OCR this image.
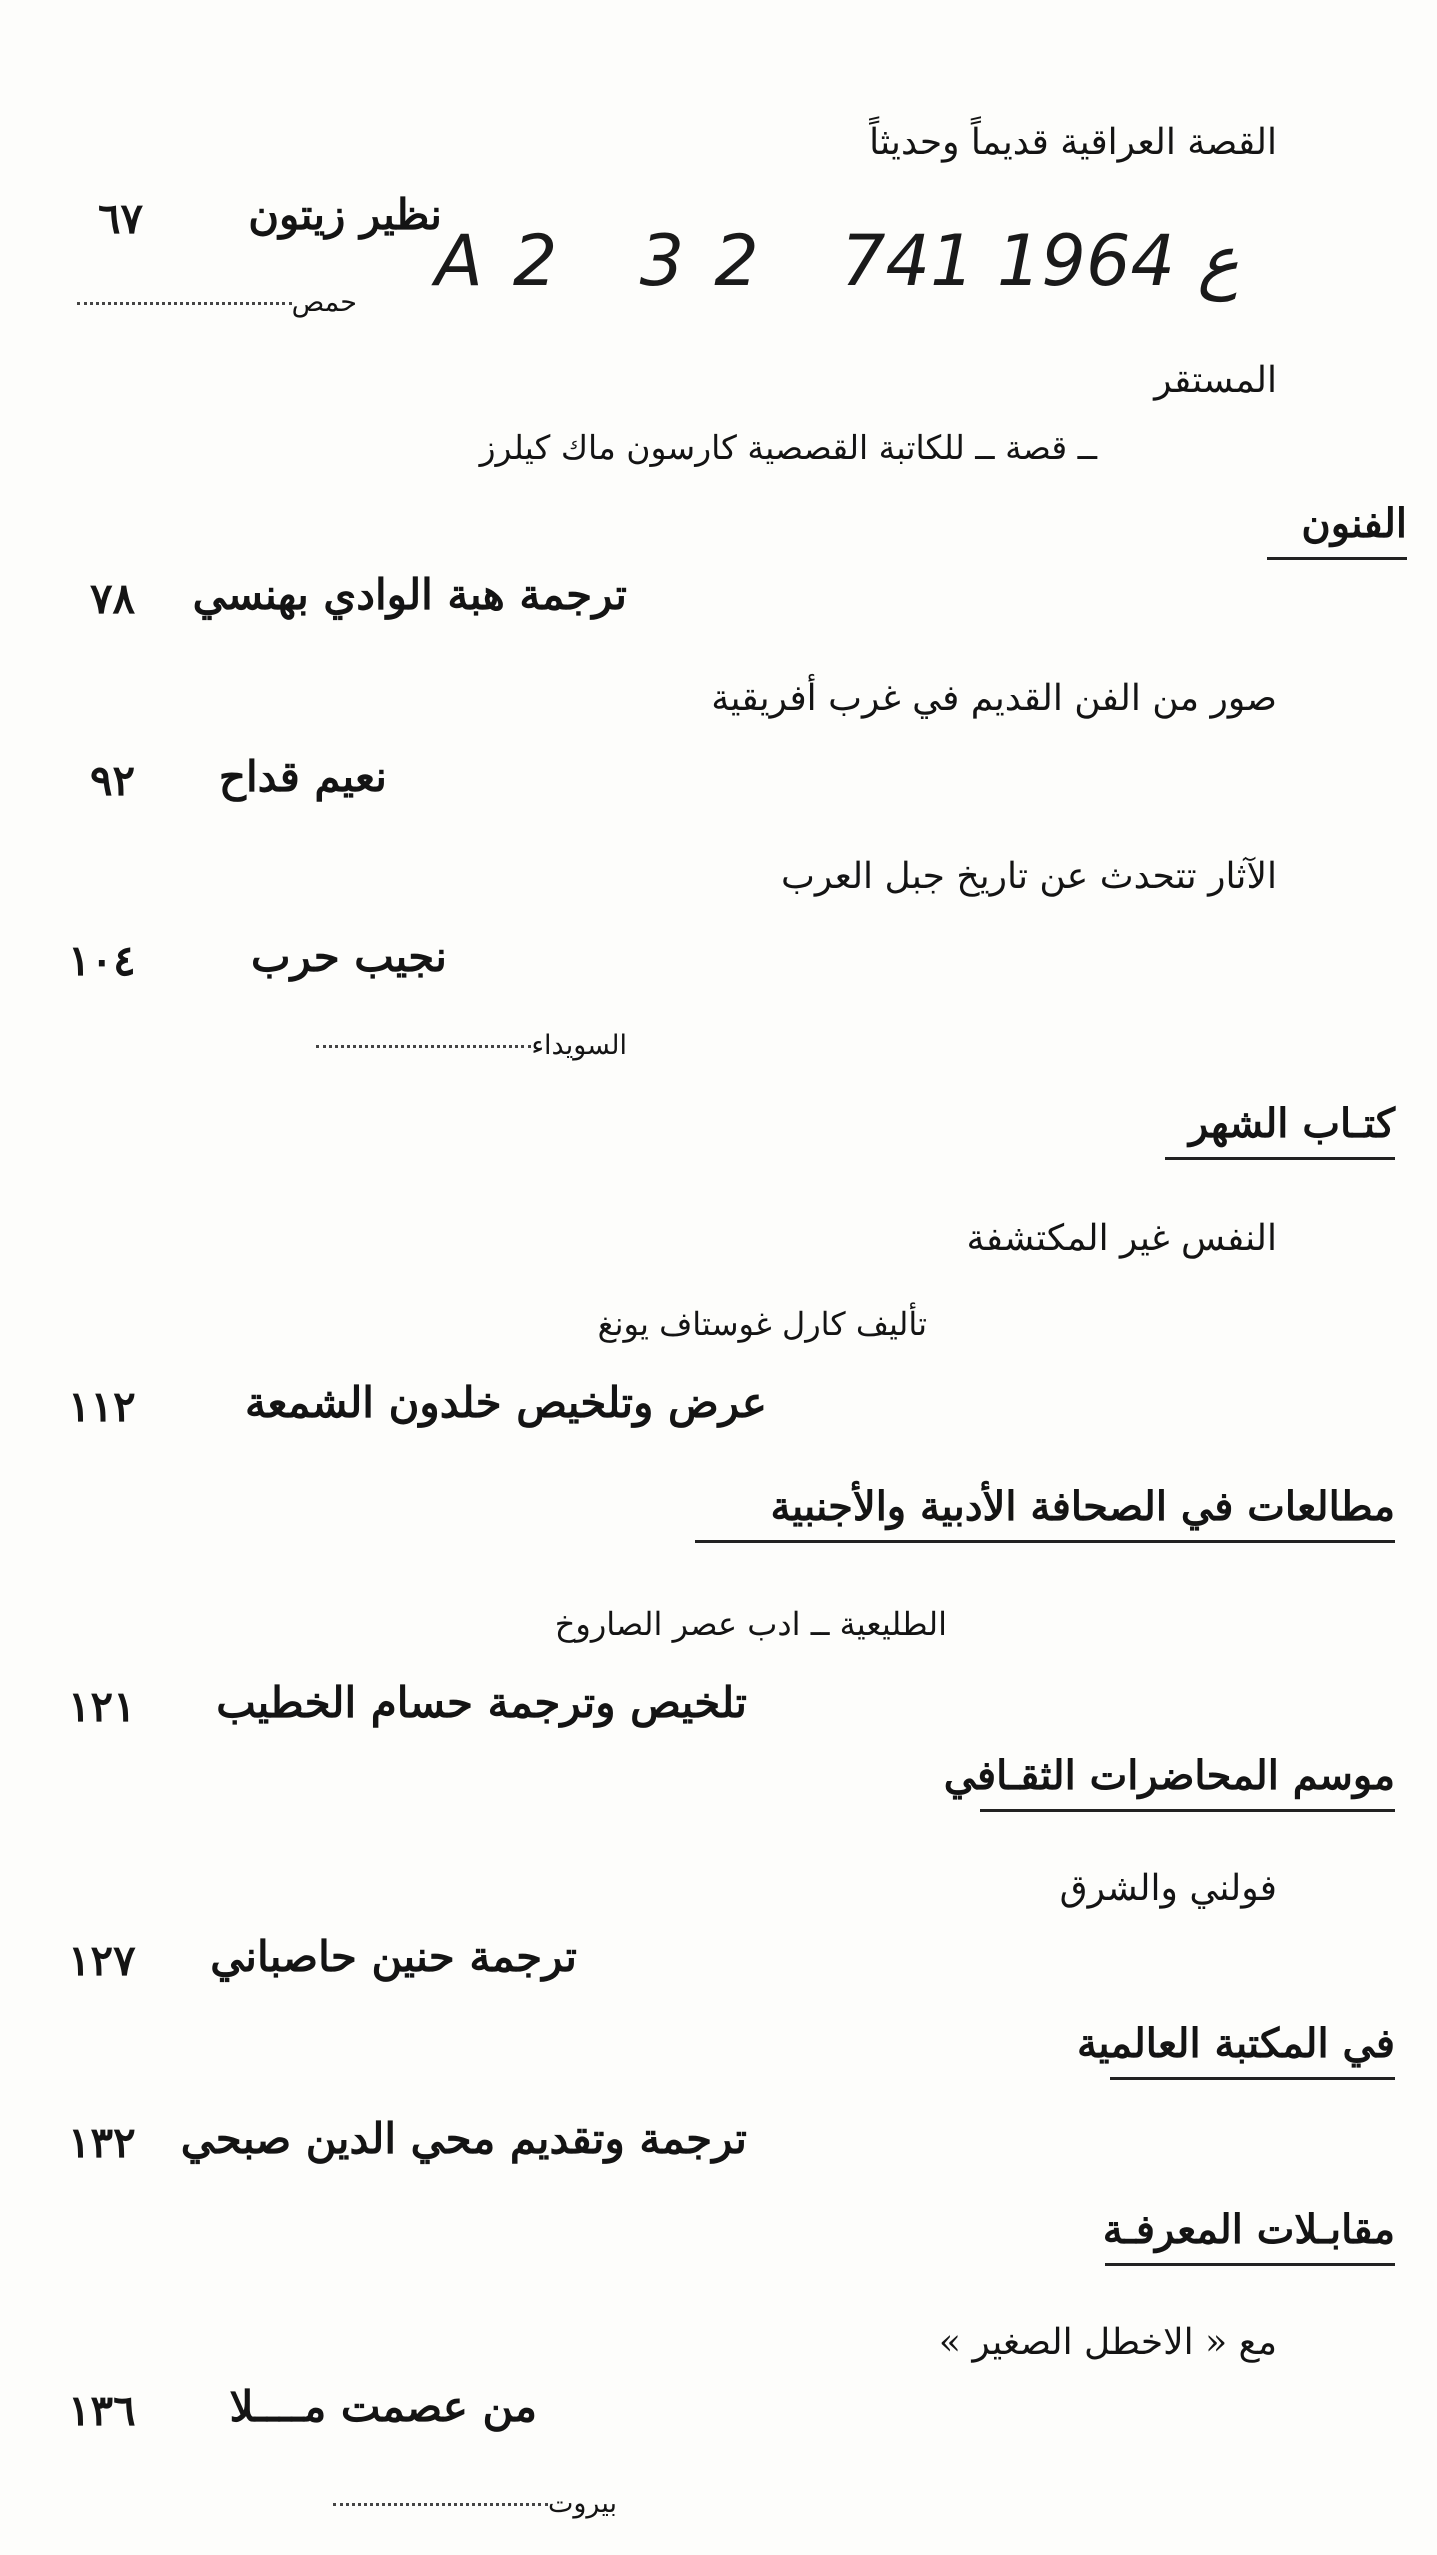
القصة العراقية قديماً وحديثاً
نظير زيتون
٦٧
حمص
A2 32 ع 1964 741
المستقر
ــ قصة ــ للكاتبة القصصية كارسون ماك كيلرز
الفنون
ترجمة هبة الوادي بهنسي
٧٨
صور من الفن القديم في غرب أفريقية
نعيم قداح
٩٢
الآثار تتحدث عن تاريخ جبل العرب
نجيب حرب
١٠٤
السويداء
كتـاب الشهر
النفس غير المكتشفة
تأليف كارل غوستاف يونغ
عرض وتلخيص خلدون الشمعة
١١٢
مطالعات في الصحافة الأدبية والأجنبية
الطليعية ــ ادب عصر الصاروخ
تلخيص وترجمة حسام الخطيب
١٢١
موسم المحاضرات الثقـافي
فولني والشرق
ترجمة حنين حاصباني
١٢٧
في المكتبة العالمية
ترجمة وتقديم محي الدين صبحي
١٣٢
مقابـلات المعرفـة
مع « الاخطل الصغير »
من عصمت مــــلا
١٣٦
بيروت
